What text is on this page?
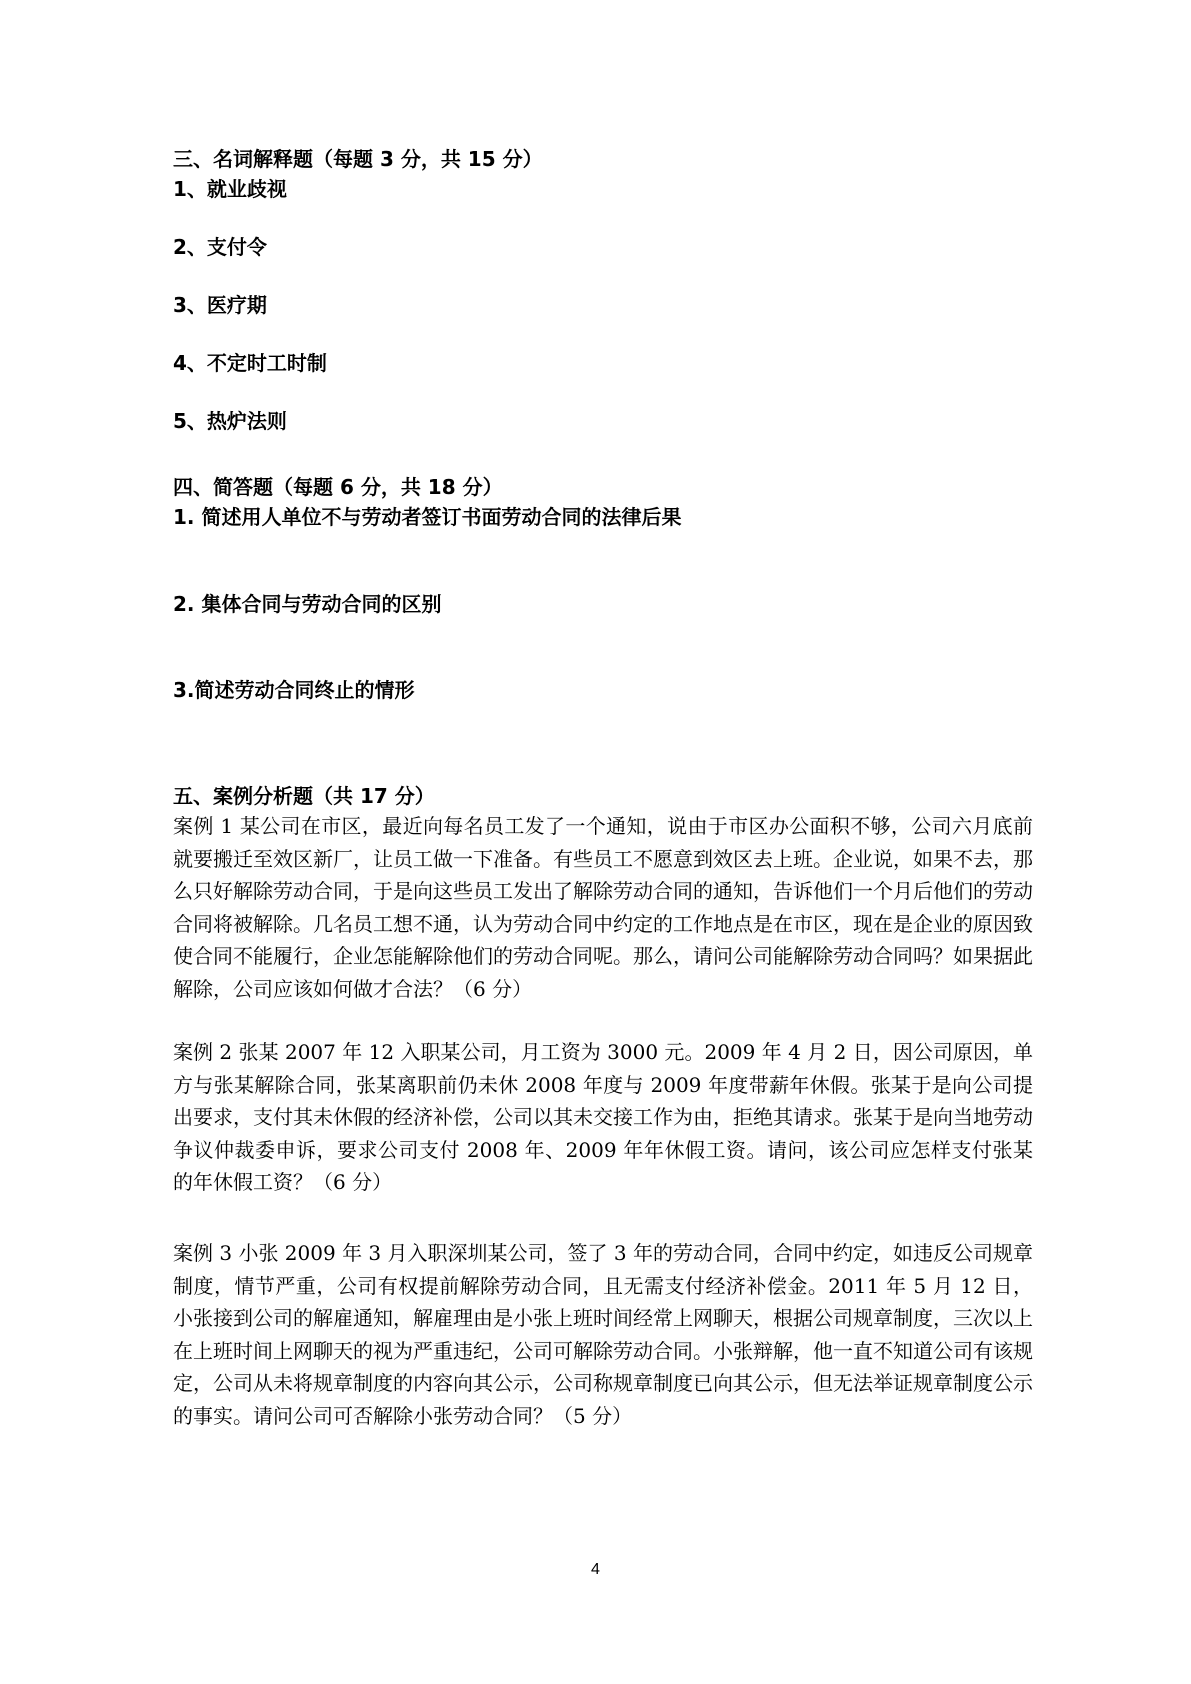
三、名词解释题（每题 3 分，共 15 分）
1、就业歧视
2、支付令
3、医疗期
4、不定时工时制
5、热炉法则
四、简答题（每题 6 分，共 18 分）
1. 简述用人单位不与劳动者签订书面劳动合同的法律后果
2. 集体合同与劳动合同的区别
3.简述劳动合同终止的情形
五、案例分析题（共 17 分）
案例 1 某公司在市区，最近向每名员工发了一个通知，说由于市区办公面积不够，公司六月底前就要搬迁至效区新厂，让员工做一下准备。有些员工不愿意到效区去上班。企业说，如果不去，那么只好解除劳动合同，于是向这些员工发出了解除劳动合同的通知，告诉他们一个月后他们的劳动合同将被解除。几名员工想不通，认为劳动合同中约定的工作地点是在市区，现在是企业的原因致使合同不能履行，企业怎能解除他们的劳动合同呢。那么，请问公司能解除劳动合同吗？如果据此解除，公司应该如何做才合法？（6 分）
案例 2 张某 2007 年 12 入职某公司，月工资为 3000 元。2009 年 4 月 2 日，因公司原因，单方与张某解除合同，张某离职前仍未休 2008 年度与 2009 年度带薪年休假。张某于是向公司提出要求，支付其未休假的经济补偿，公司以其未交接工作为由，拒绝其请求。张某于是向当地劳动争议仲裁委申诉，要求公司支付 2008 年、2009 年年休假工资。请问，该公司应怎样支付张某的年休假工资？（6 分）
案例 3 小张 2009 年 3 月入职深圳某公司，签了 3 年的劳动合同，合同中约定，如违反公司规章制度，情节严重，公司有权提前解除劳动合同，且无需支付经济补偿金。2011 年 5 月 12 日，小张接到公司的解雇通知，解雇理由是小张上班时间经常上网聊天，根据公司规章制度，三次以上在上班时间上网聊天的视为严重违纪，公司可解除劳动合同。小张辩解，他一直不知道公司有该规定，公司从未将规章制度的内容向其公示，公司称规章制度已向其公示，但无法举证规章制度公示的事实。请问公司可否解除小张劳动合同？（5 分）
4
